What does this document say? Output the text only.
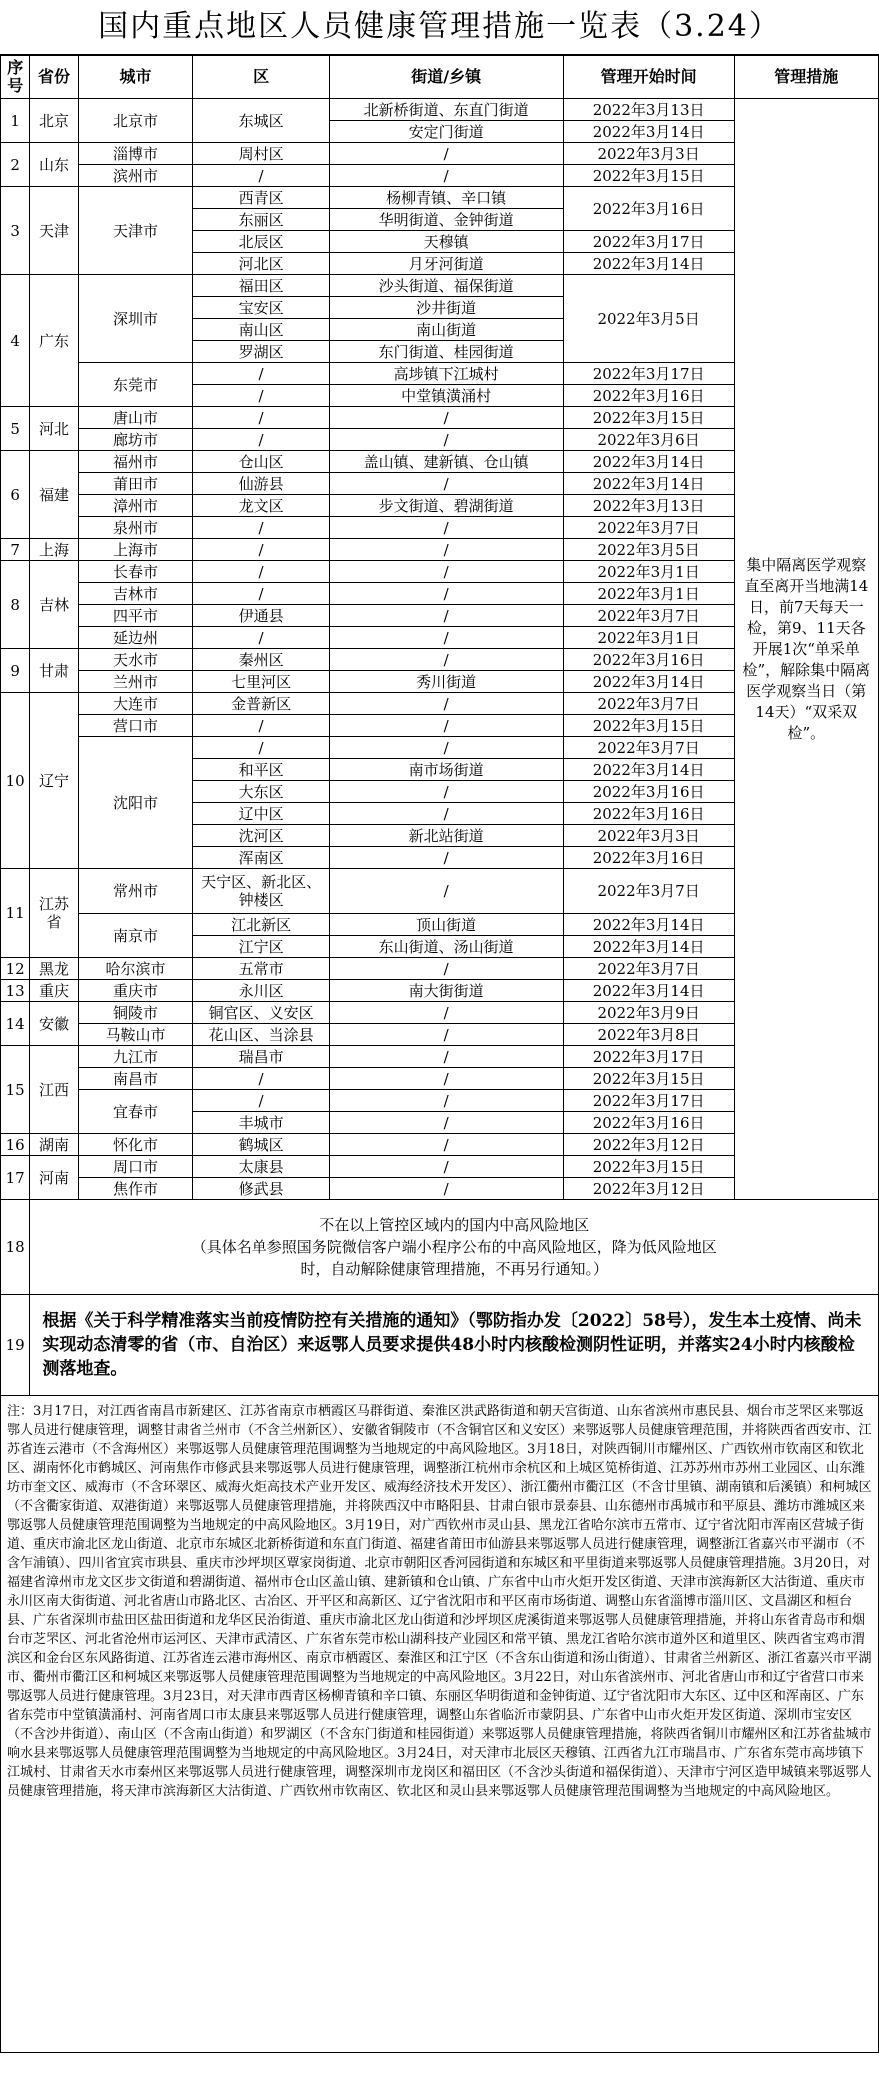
国内重点地区人员健康管理措施一览表（3.24）
序号	省份	城市	区	街道/乡镇	管理开始时间	管理措施
1	北京	北京市	东城区	北新桥街道、东直门街道	2022年3月13日	集中隔离医学观察直至离开当地满14日，前7天每天一检，第9、11天各开展1次“单采单检”，解除集中隔离医学观察当日（第14天）“双采双检”。
				安定门街道	2022年3月14日	
2	山东	淄博市	周村区	/	2022年3月3日	
		滨州市	/	/	2022年3月15日	
3	天津	天津市	西青区	杨柳青镇、辛口镇	2022年3月16日	
			东丽区	华明街道、金钟街道		
			北辰区	天穆镇	2022年3月17日	
			河北区	月牙河街道	2022年3月14日	
4	广东	深圳市	福田区	沙头街道、福保街道	2022年3月5日	
			宝安区	沙井街道		
			南山区	南山街道		
			罗湖区	东门街道、桂园街道		
		东莞市	/	高埗镇下江城村	2022年3月17日	
			/	中堂镇潢涌村	2022年3月16日	
5	河北	唐山市	/	/	2022年3月15日	
		廊坊市	/	/	2022年3月6日	
6	福建	福州市	仓山区	盖山镇、建新镇、仓山镇	2022年3月14日	
		莆田市	仙游县	/	2022年3月14日	
		漳州市	龙文区	步文街道、碧湖街道	2022年3月13日	
		泉州市	/	/	2022年3月7日	
7	上海	上海市	/	/	2022年3月5日	
8	吉林	长春市	/	/	2022年3月1日	
		吉林市	/	/	2022年3月1日	
		四平市	伊通县	/	2022年3月7日	
		延边州	/	/	2022年3月1日	
9	甘肃	天水市	秦州区	/	2022年3月16日	
		兰州市	七里河区	秀川街道	2022年3月14日	
10	辽宁	大连市	金普新区	/	2022年3月7日	
		营口市	/	/	2022年3月15日	
		沈阳市	/	/	2022年3月7日	
			和平区	南市场街道	2022年3月14日	
			大东区	/	2022年3月16日	
			辽中区	/	2022年3月16日	
			沈河区	新北站街道	2022年3月3日	
			浑南区	/	2022年3月16日	
11	江苏省	常州市	天宁区、新北区、钟楼区	/	2022年3月7日	
		南京市	江北新区	顶山街道	2022年3月14日	
			江宁区	东山街道、汤山街道	2022年3月14日	
12	黑龙	哈尔滨市	五常市	/	2022年3月7日	
13	重庆	重庆市	永川区	南大街街道	2022年3月14日	
14	安徽	铜陵市	铜官区、义安区	/	2022年3月9日	
		马鞍山市	花山区、当涂县	/	2022年3月8日	
15	江西	九江市	瑞昌市	/	2022年3月17日	
		南昌市	/	/	2022年3月15日	
		宜春市	/	/	2022年3月17日	
			丰城市	/	2022年3月16日	
16	湖南	怀化市	鹤城区	/	2022年3月12日	
17	河南	周口市	太康县	/	2022年3月15日	
		焦作市	修武县	/	2022年3月12日	
18	不在以上管控区域内的国内中高风险地区
（具体名单参照国务院微信客户端小程序公布的中高风险地区，降为低风险地区
时，自动解除健康管理措施，不再另行通知。）					

19	根据《关于科学精准落实当前疫情防控有关措施的通知》（鄂防指办发〔2022〕58号），发生本土疫情、尚未实现动态清零的省（市、自治区）来返鄂人员要求提供48小时内核酸检测阴性证明，并落实24小时内核酸检测落地查。					
注：3月17日，对江西省南昌市新建区、江苏省南京市栖霞区马群街道、秦淮区洪武路街道和朝天宫街道、山东省滨州市惠民县、烟台市芝罘区来鄂返鄂人员进行健康管理，调整甘肃省兰州市（不含兰州新区）、安徽省铜陵市（不含铜官区和义安区）来鄂返鄂人员健康管理范围，并将陕西省西安市、江苏省连云港市（不含海州区）来鄂返鄂人员健康管理范围调整为当地规定的中高风险地区。3月18日，对陕西铜川市耀州区、广西钦州市钦南区和钦北区、湖南怀化市鹤城区、河南焦作市修武县来鄂返鄂人员进行健康管理，调整浙江杭州市余杭区和上城区笕桥街道、江苏苏州市苏州工业园区、山东潍坊市奎文区、威海市（不含环翠区、威海火炬高技术产业开发区、威海经济技术开发区）、浙江衢州市衢江区（不含廿里镇、湖南镇和后溪镇）和柯城区（不含衢家街道、双港街道）来鄂返鄂人员健康管理措施，并将陕西汉中市略阳县、甘肃白银市景泰县、山东德州市禹城市和平原县、潍坊市潍城区来鄂返鄂人员健康管理范围调整为当地规定的中高风险地区。3月19日，对广西钦州市灵山县、黑龙江省哈尔滨市五常市、辽宁省沈阳市浑南区营城子街道、重庆市渝北区龙山街道、北京市东城区北新桥街道和东直门街道、福建省莆田市仙游县来鄂返鄂人员进行健康管理，调整浙江省嘉兴市平湖市（不含乍浦镇）、四川省宜宾市珙县、重庆市沙坪坝区覃家岗街道、北京市朝阳区香河园街道和东城区和平里街道来鄂返鄂人员健康管理措施。3月20日，对福建省漳州市龙文区步文街道和碧湖街道、福州市仓山区盖山镇、建新镇和仓山镇、广东省中山市火炬开发区街道、天津市滨海新区大沽街道、重庆市永川区南大街街道、河北省唐山市路北区、古冶区、开平区和高新区、辽宁省沈阳市和平区南市场街道、调整山东省淄博市淄川区、文昌湖区和桓台县、广东省深圳市盐田区盐田街道和龙华区民治街道、重庆市渝北区龙山街道和沙坪坝区虎溪街道来鄂返鄂人员健康管理措施，并将山东省青岛市和烟台市芝罘区、河北省沧州市运河区、天津市武清区、广东省东莞市松山湖科技产业园区和常平镇、黑龙江省哈尔滨市道外区和道里区、陕西省宝鸡市渭滨区和金台区东风路街道、江苏省连云港市海州区、南京市栖霞区、秦淮区和江宁区（不含东山街道和汤山街道）、甘肃省兰州新区、浙江省嘉兴市平湖市、衢州市衢江区和柯城区来鄂返鄂人员健康管理范围调整为当地规定的中高风险地区。3月22日，对山东省滨州市、河北省唐山市和辽宁省营口市来鄂返鄂人员进行健康管理。3月23日，对天津市西青区杨柳青镇和辛口镇、东丽区华明街道和金钟街道、辽宁省沈阳市大东区、辽中区和浑南区、广东省东莞市中堂镇潢涌村、河南省周口市太康县来鄂返鄂人员进行健康管理，调整山东省临沂市蒙阴县、广东省中山市火炬开发区街道、深圳市宝安区（不含沙井街道）、南山区（不含南山街道）和罗湖区（不含东门街道和桂园街道）来鄂返鄂人员健康管理措施，将陕西省铜川市耀州区和江苏省盐城市响水县来鄂返鄂人员健康管理范围调整为当地规定的中高风险地区。3月24日，对天津市北辰区天穆镇、江西省九江市瑞昌市、广东省东莞市高埗镇下江城村、甘肃省天水市秦州区来鄂返鄂人员进行健康管理，调整深圳市龙岗区和福田区（不含沙头街道和福保街道）、天津市宁河区造甲城镇来鄂返鄂人员健康管理措施，将天津市滨海新区大沽街道、广西钦州市钦南区、钦北区和灵山县来鄂返鄂人员健康管理范围调整为当地规定的中高风险地区。
